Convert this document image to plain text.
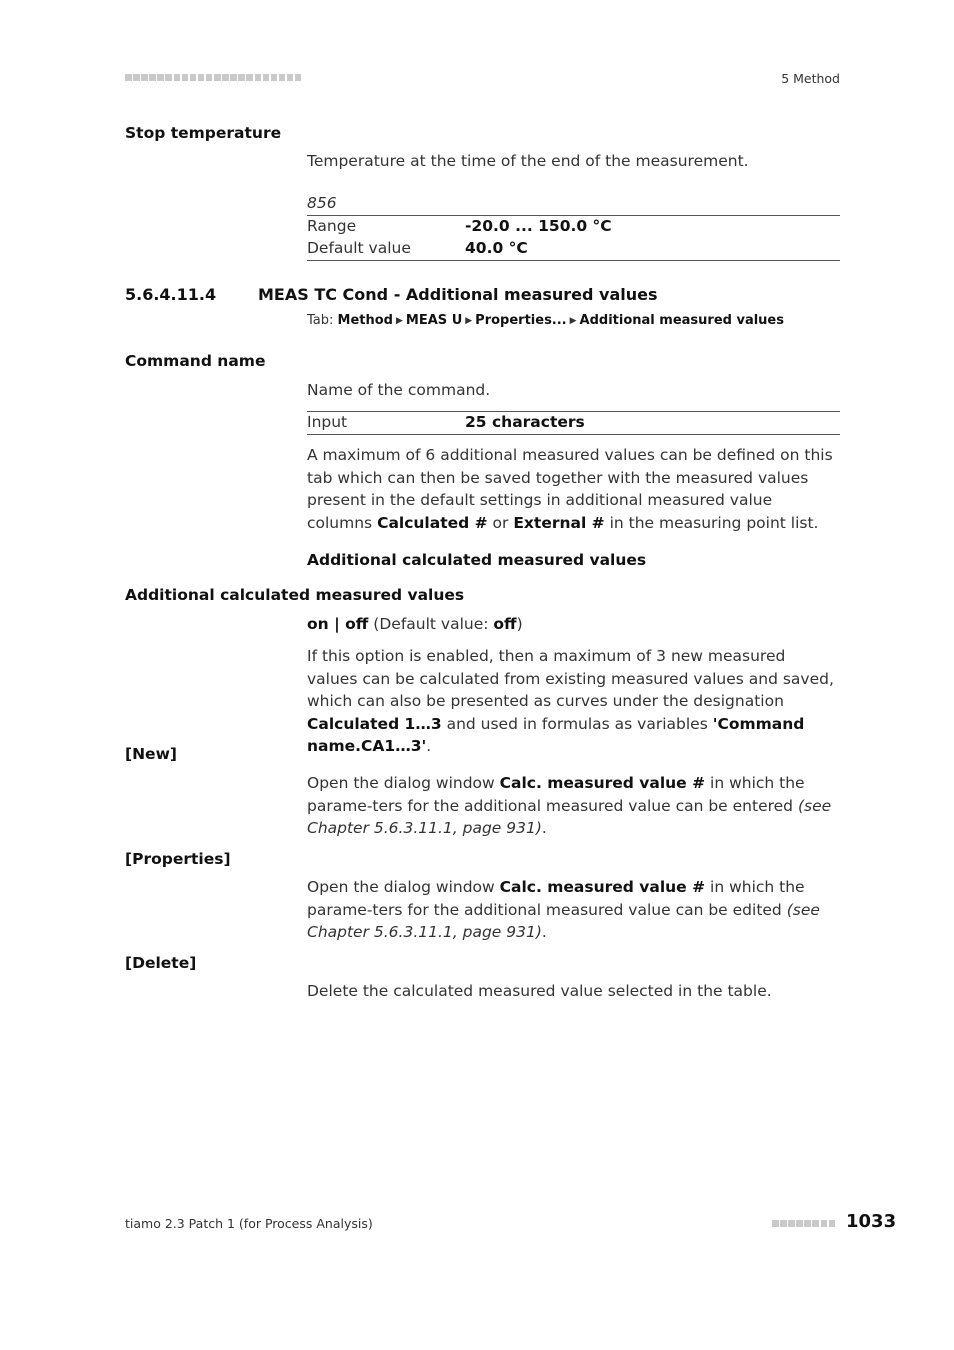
5 Method
Stop temperature
Temperature at the time of the end of the measurement.
856
Range	-20.0 ... 150.0 °C
Default value	40.0 °C
5.6.4.11.4	MEAS TC Cond - Additional measured values
Tab: Method ▶ MEAS U ▶ Properties... ▶ Additional measured values
Command name
Name of the command.
Input	25 characters
A maximum of 6 additional measured values can be defined on this tab which can then be saved together with the measured values present in the default settings in additional measured value columns Calculated # or External # in the measuring point list.
Additional calculated measured values
Additional calculated measured values
on | off (Default value: off)
If this option is enabled, then a maximum of 3 new measured values can be calculated from existing measured values and saved, which can also be presented as curves under the designation Calculated 1…3 and used in formulas as variables 'Command name.CA1…3'.
[New]
Open the dialog window Calc. measured value # in which the parame-ters for the additional measured value can be entered (see Chapter 5.6.3.11.1, page 931).
[Properties]
Open the dialog window Calc. measured value # in which the parame-ters for the additional measured value can be edited (see Chapter 5.6.3.11.1, page 931).
[Delete]
Delete the calculated measured value selected in the table.
tiamo 2.3 Patch 1 (for Process Analysis)	1033
